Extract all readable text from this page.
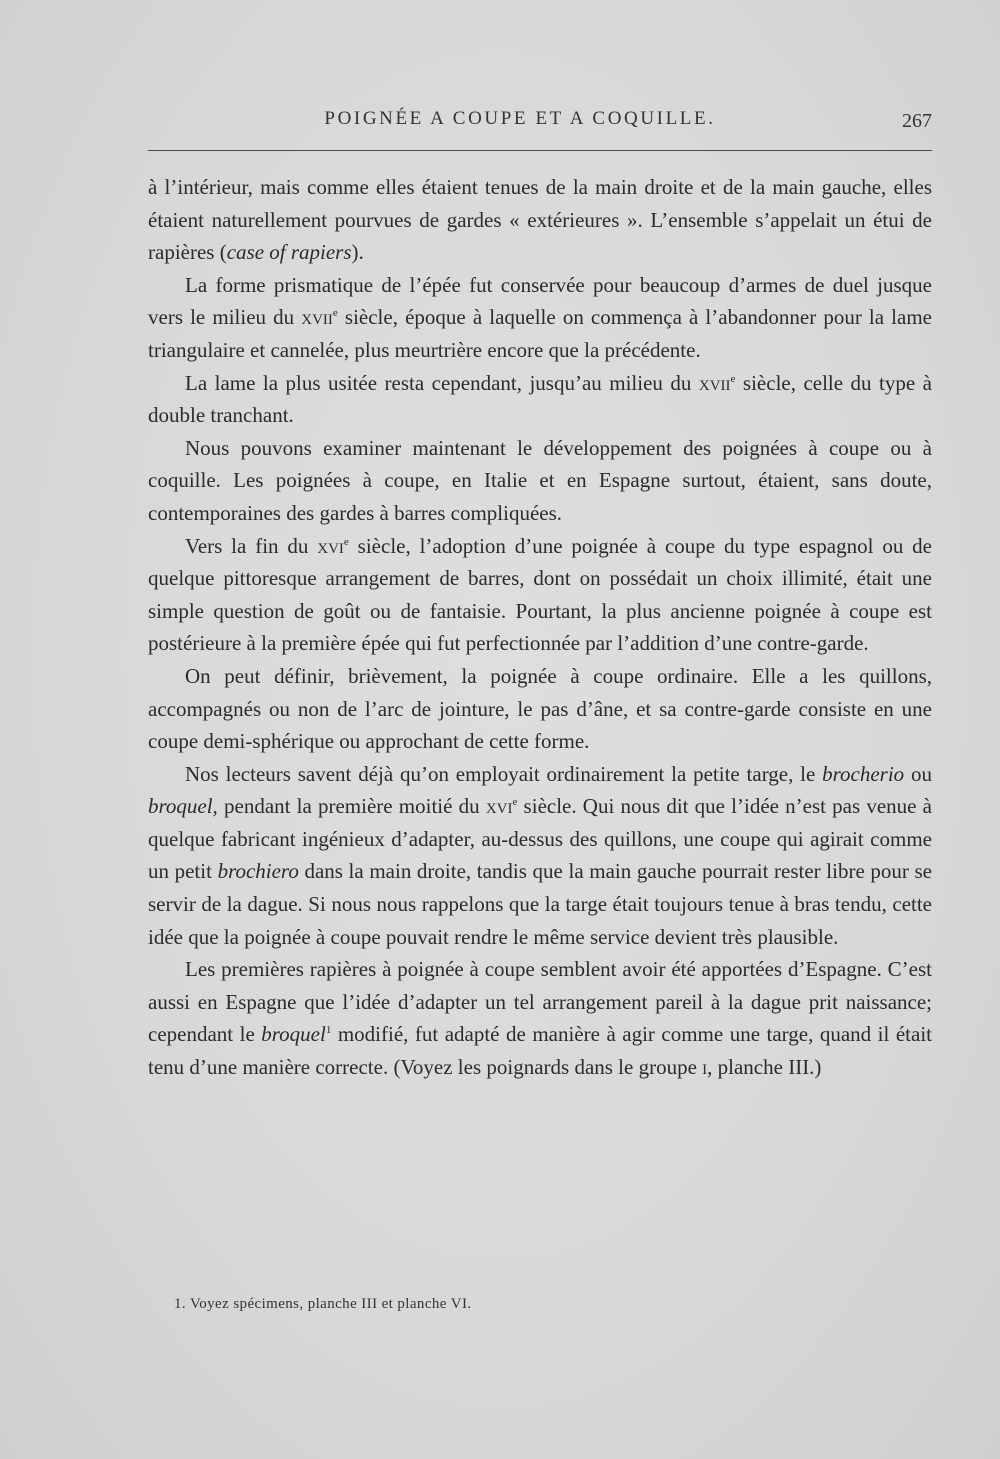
POIGNÉE A COUPE ET A COQUILLE.	267

à l’intérieur, mais comme elles étaient tenues de la main droite et de la main gauche, elles étaient naturellement pourvues de gardes « extérieures ». L’ensemble s’appelait un étui de rapières (case of rapiers).

La forme prismatique de l’épée fut conservée pour beaucoup d’armes de duel jusque vers le milieu du xvii$^e$ siècle, époque à laquelle on commença à l’abandonner pour la lame triangulaire et cannelée, plus meurtrière encore que la précédente.

La lame la plus usitée resta cependant, jusqu’au milieu du xvii$^e$ siècle, celle du type à double tranchant.

Nous pouvons examiner maintenant le développement des poignées à coupe ou à coquille. Les poignées à coupe, en Italie et en Espagne surtout, étaient, sans doute, contemporaines des gardes à barres compliquées.

Vers la fin du xvi$^e$ siècle, l’adoption d’une poignée à coupe du type espagnol ou de quelque pittoresque arrangement de barres, dont on possédait un choix illimité, était une simple question de goût ou de fantaisie. Pourtant, la plus ancienne poignée à coupe est postérieure à la première épée qui fut perfectionnée par l’addition d’une contre-garde.

On peut définir, brièvement, la poignée à coupe ordinaire. Elle a les quillons, accompagnés ou non de l’arc de jointure, le pas d’âne, et sa contre-garde consiste en une coupe demi-sphérique ou approchant de cette forme.

Nos lecteurs savent déjà qu’on employait ordinairement la petite targe, le brocherio ou broquel, pendant la première moitié du xvi$^e$ siècle. Qui nous dit que l’idée n’est pas venue à quelque fabricant ingénieux d’adapter, au-dessus des quillons, une coupe qui agirait comme un petit brochiero dans la main droite, tandis que la main gauche pourrait rester libre pour se servir de la dague. Si nous nous rappelons que la targe était toujours tenue à bras tendu, cette idée que la poignée à coupe pouvait rendre le même service devient très plausible.

Les premières rapières à poignée à coupe semblent avoir été apportées d’Espagne. C’est aussi en Espagne que l’idée d’adapter un tel arrangement pareil à la dague prit naissance; cependant le broquel$^1$ modifié, fut adapté de manière à agir comme une targe, quand il était tenu d’une manière correcte. (Voyez les poignards dans le groupe i, planche III.)

1. Voyez spécimens, planche III et planche VI.
